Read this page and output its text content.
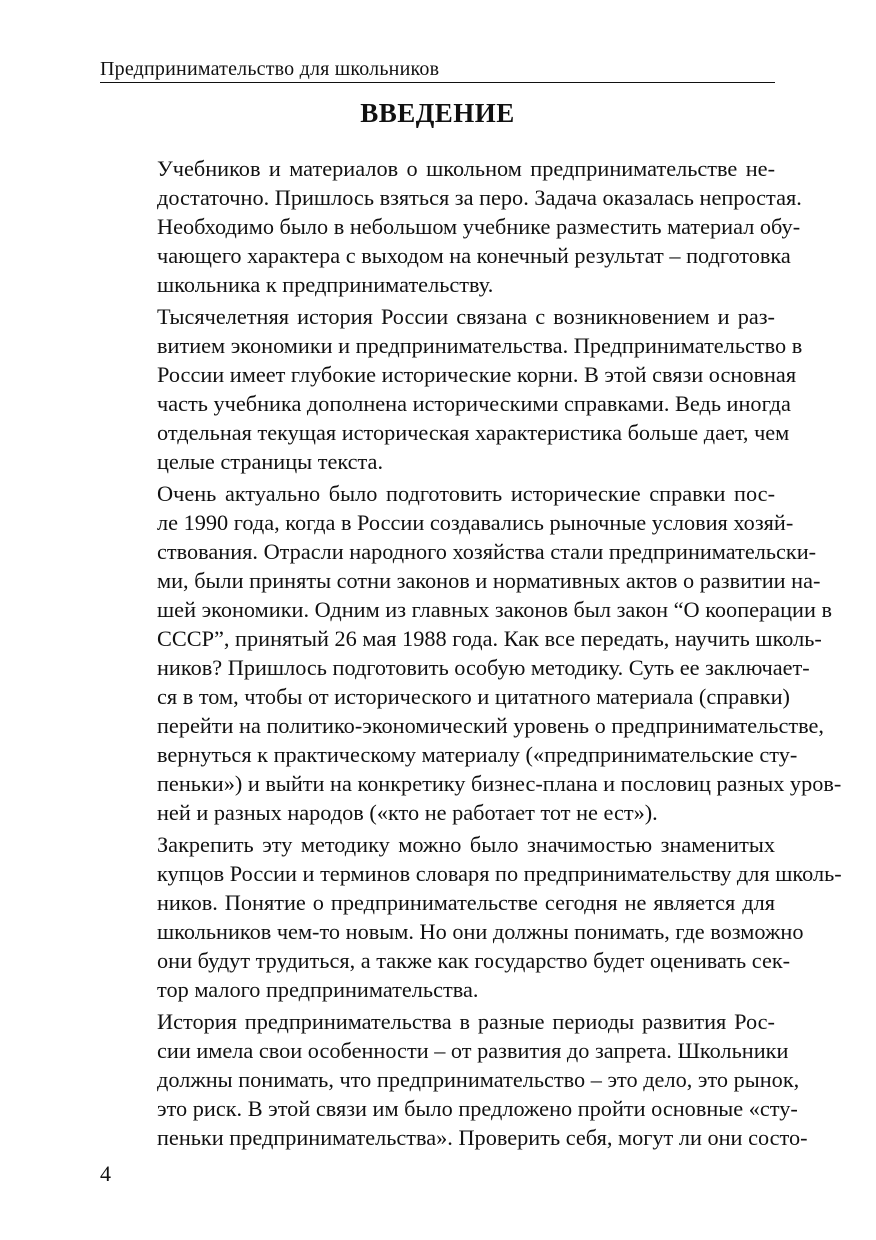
Предпринимательство для школьников
ВВЕДЕНИЕ

Учебников и материалов о школьном предпринимательстве не-
достаточно. Пришлось взяться за перо. Задача оказалась непростая.
Необходимо было в небольшом учебнике разместить материал обу-
чающего характера с выходом на конечный результат – подготовка
школьника к предпринимательству.

Тысячелетняя история России связана с возникновением и раз-
витием экономики и предпринимательства. Предпринимательство в
России имеет глубокие исторические корни. В этой связи основная
часть учебника дополнена историческими справками. Ведь иногда
отдельная текущая историческая характеристика больше дает, чем
целые страницы текста.

Очень актуально было подготовить исторические справки пос-
ле 1990 года, когда в России создавались рыночные условия хозяй-
ствования. Отрасли народного хозяйства стали предпринимательски-
ми, были приняты сотни законов и нормативных актов о развитии на-
шей экономики. Одним из главных законов был закон “О кооперации в
СССР”, принятый 26 мая 1988 года. Как все передать, научить школь-
ников? Пришлось подготовить особую методику. Суть ее заключает-
ся в том, чтобы от исторического и цитатного материала (справки)
перейти на политико-экономический уровень о предпринимательстве,
вернуться к практическому материалу («предпринимательские сту-
пеньки») и выйти на конкретику бизнес-плана и пословиц разных уров-
ней и разных народов («кто не работает тот не ест»).

Закрепить эту методику можно было значимостью знаменитых
купцов России и терминов словаря по предпринимательству для школь-
ников. Понятие о предпринимательстве сегодня не является для
школьников чем-то новым. Но они должны понимать, где возможно
они будут трудиться, а также как государство будет оценивать сек-
тор малого предпринимательства.

История предпринимательства в разные периоды развития Рос-
сии имела свои особенности – от развития до запрета. Школьники
должны понимать, что предпринимательство – это дело, это рынок,
это риск. В этой связи им было предложено пройти основные «сту-
пеньки предпринимательства». Проверить себя, могут ли они состо-

4
